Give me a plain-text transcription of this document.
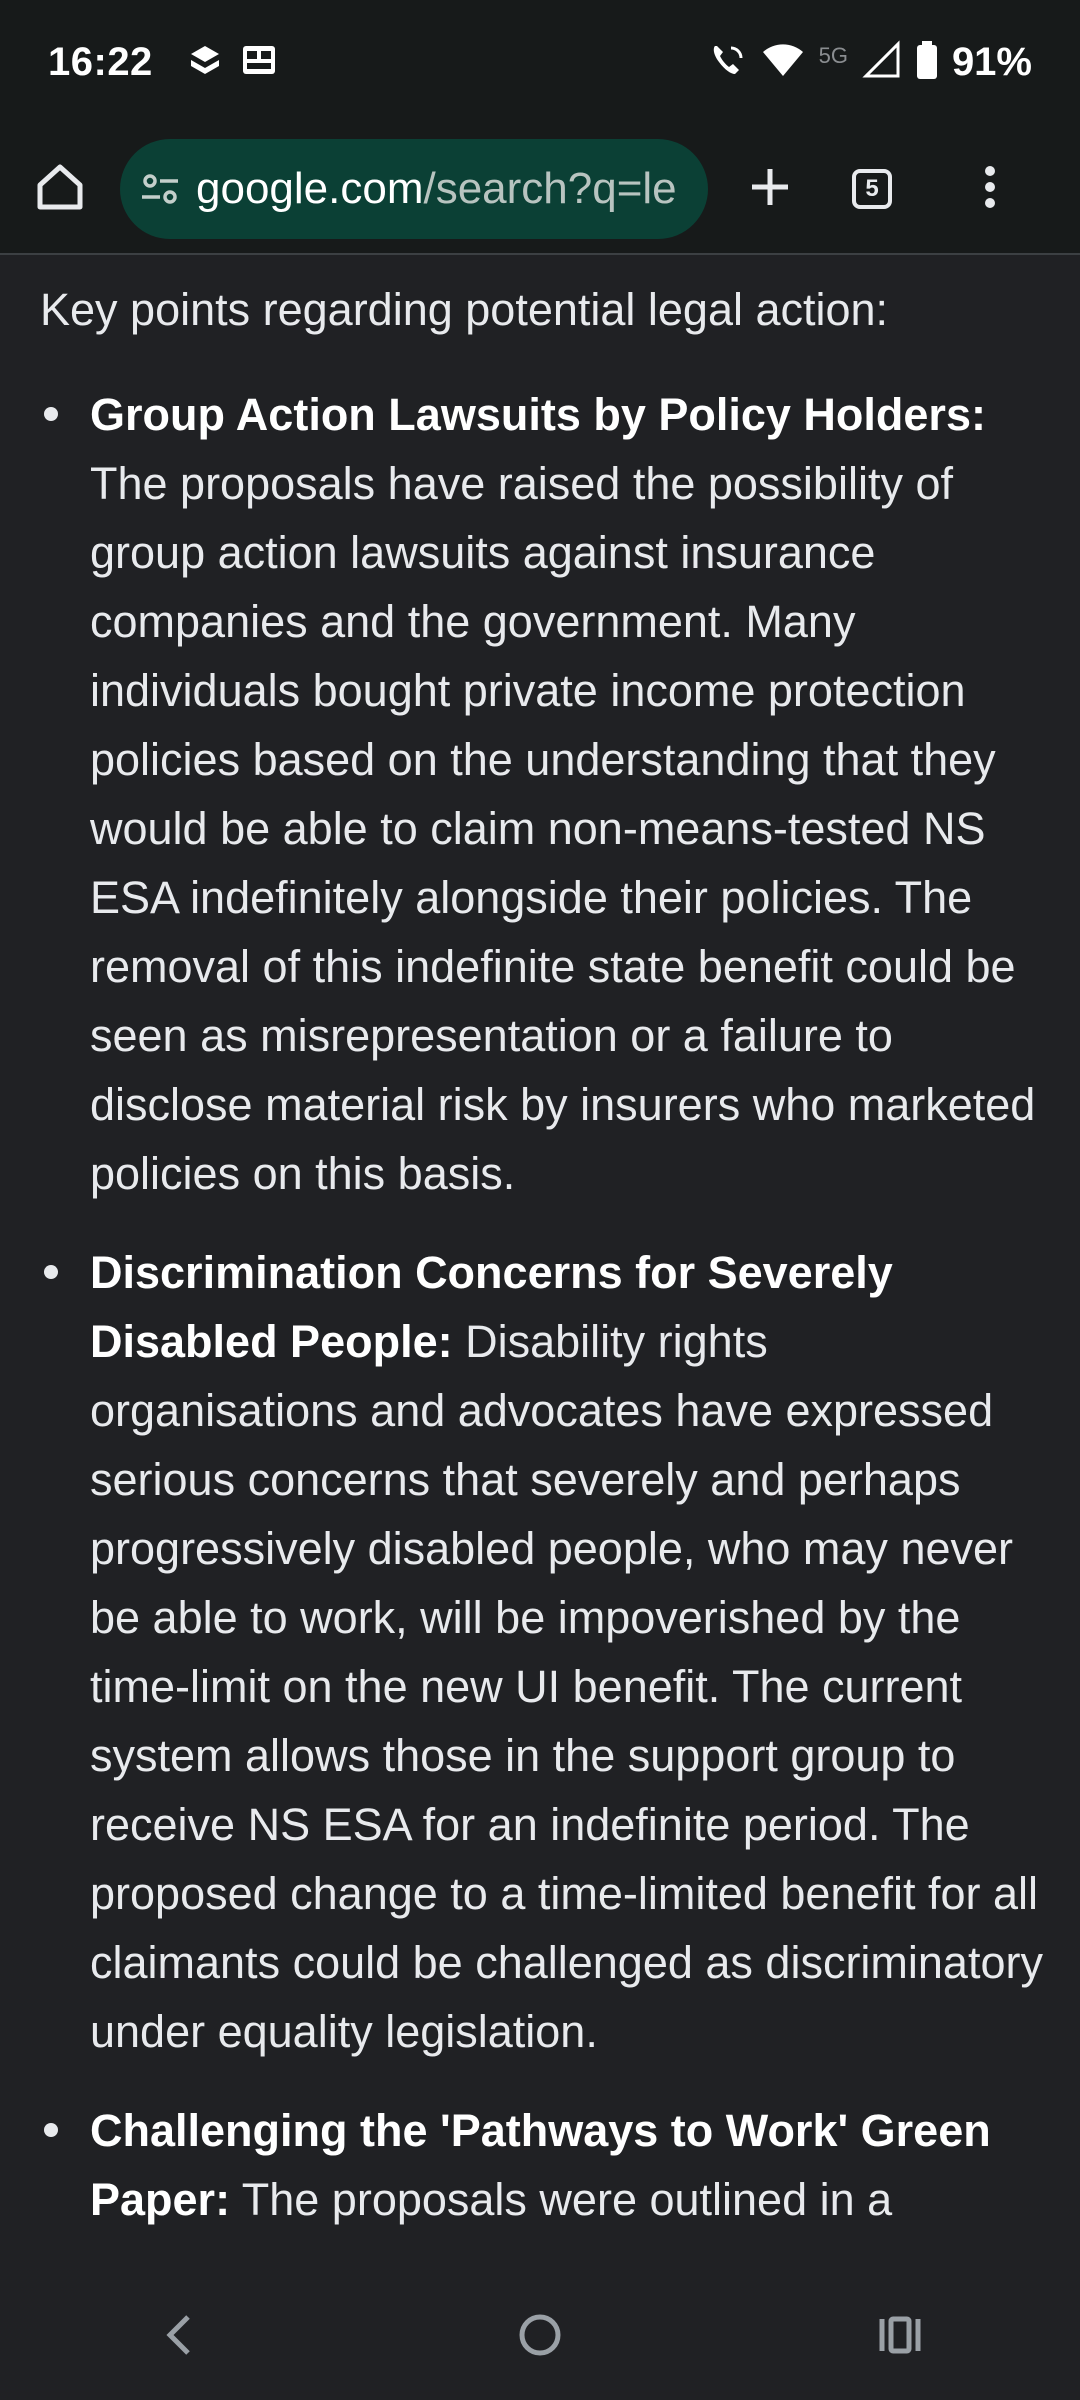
16:22	5G	91%
google.com/search?q=le	5

Key points regarding potential legal action:

Group Action Lawsuits by Policy Holders: The proposals have raised the possibility of group action lawsuits against insurance companies and the government. Many individuals bought private income protection policies based on the understanding that they would be able to claim non-means-tested NS ESA indefinitely alongside their policies. The removal of this indefinite state benefit could be seen as misrepresentation or a failure to disclose material risk by insurers who marketed policies on this basis.
Discrimination Concerns for Severely Disabled People: Disability rights organisations and advocates have expressed serious concerns that severely and perhaps progressively disabled people, who may never be able to work, will be impoverished by the time-limit on the new UI benefit. The current system allows those in the support group to receive NS ESA for an indefinite period. The proposed change to a time-limited benefit for all claimants could be challenged as discriminatory under equality legislation.
Challenging the 'Pathways to Work' Green Paper: The proposals were outlined in a
